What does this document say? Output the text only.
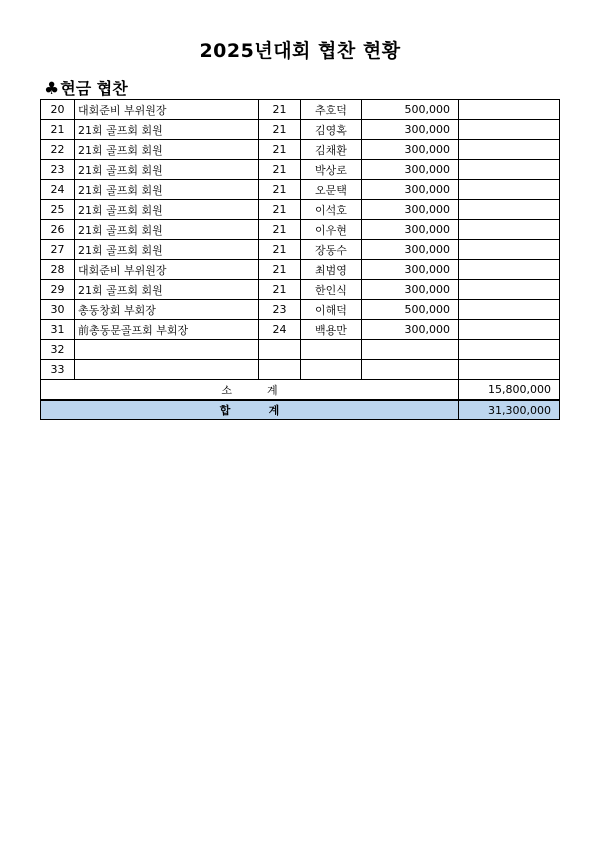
2025년대회 협찬 현황
♣현금 협찬
20	대회준비 부위원장	21	추호덕	500,000		
21	21회 골프회 회원	21	김영혹	300,000		
22	21회 골프회 회원	21	김채환	300,000		
23	21회 골프회 회원	21	박상로	300,000		
24	21회 골프회 회원	21	오문택	300,000		
25	21회 골프회 회원	21	이석호	300,000		
26	21회 골프회 회원	21	이우현	300,000		
27	21회 골프회 회원	21	장동수	300,000		
28	대회준비 부위원장	21	최범영	300,000		
29	21회 골프회 회원	21	한인식	300,000		
30	총동창회 부회장	23	이해덕	500,000		
31	前총동문골프회 부회장	24	백용만	300,000		
32						
33						
소          계					15,800,000	
합          계					31,300,000	
